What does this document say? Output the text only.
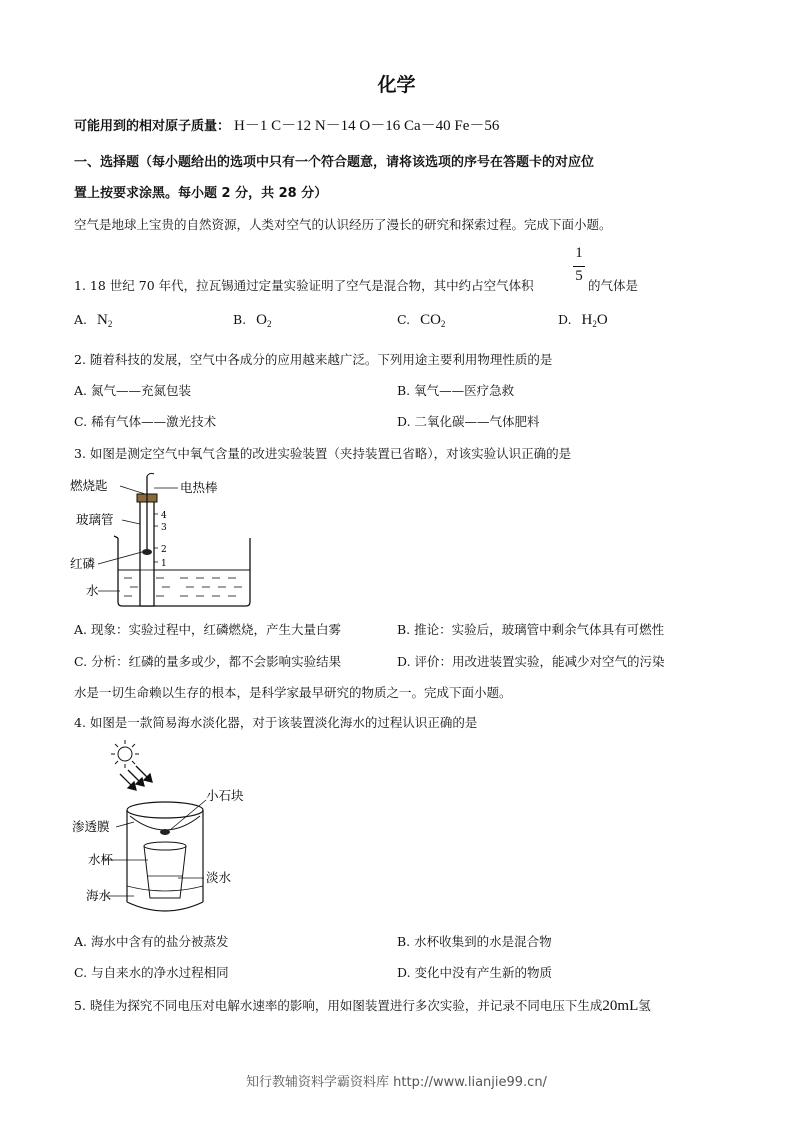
化学
可能用到的相对原子质量： H－1 C－12 N－14 O－16 Ca－40 Fe－56
一、选择题（每小题给出的选项中只有一个符合题意，请将该选项的序号在答题卡的对应位
置上按要求涂黑。每小题 2 分，共 28 分）
空气是地球上宝贵的自然资源，人类对空气的认识经历了漫长的研究和探索过程。完成下面小题。
1. 18 世纪 70 年代，拉瓦锡通过定量实验证明了空气是混合物，其中约占空气体积
1
5
的气体是
A. $N_2$	B. $O_2$	C. $CO_2$	D. $H_2O$
2. 随着科技的发展，空气中各成分的应用越来越广泛。下列用途主要利用物理性质的是
A. 氮气——充氮包装	B. 氧气——医疗急救
C. 稀有气体——激光技术	D. 二氧化碳——气体肥料
3. 如图是测定空气中氧气含量的改进实验装置（夹持装置已省略），对该实验认识正确的是
4
3
2
1
燃烧匙	电热棒
玻璃管
红磷
水
A. 现象：实验过程中，红磷燃烧，产生大量白雾	B. 推论：实验后，玻璃管中剩余气体具有可燃性
C. 分析：红磷的量多或少，都不会影响实验结果	D. 评价：用改进装置实验，能减少对空气的污染
水是一切生命赖以生存的根本，是科学家最早研究的物质之一。完成下面小题。
4. 如图是一款简易海水淡化器，对于该装置淡化海水的过程认识正确的是
小石块
渗透膜
水杯
淡水
海水
A. 海水中含有的盐分被蒸发	B. 水杯收集到的水是混合物
C. 与自来水的净水过程相同	D. 变化中没有产生新的物质
5. 晓佳为探究不同电压对电解水速率的影响，用如图装置进行多次实验，并记录不同电压下生成20mL氢
知行教辅资料学霸资料库 http://www.lianjie99.cn/
